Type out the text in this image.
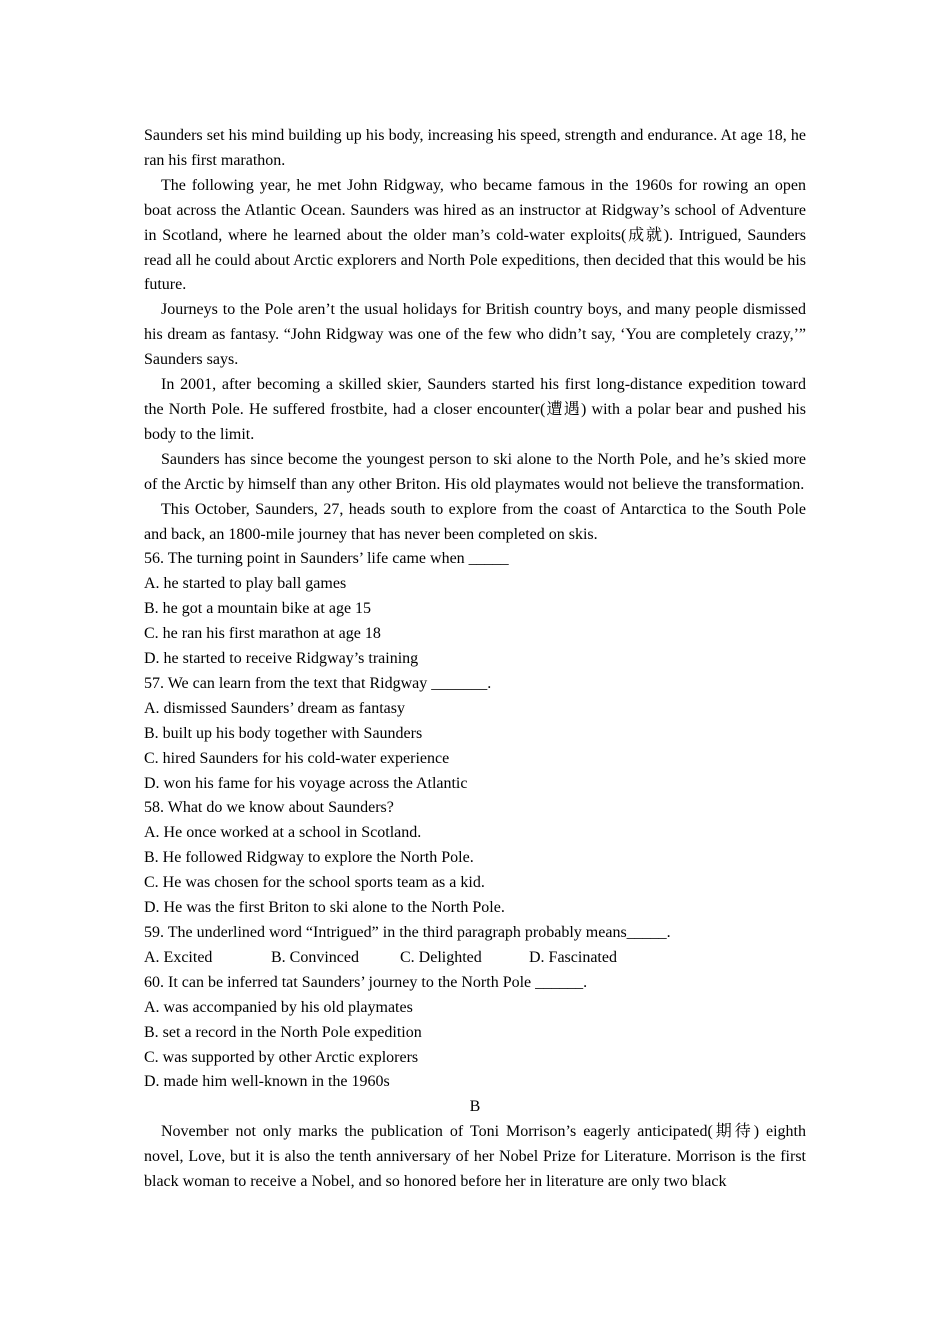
Saunders set his mind building up his body, increasing his speed, strength and endurance. At age 18, he ran his first marathon.

The following year, he met John Ridgway, who became famous in the 1960s for rowing an open boat across the Atlantic Ocean. Saunders was hired as an instructor at Ridgway’s school of Adventure in Scotland, where he learned about the older man’s cold-water exploits(成就). Intrigued, Saunders read all he could about Arctic explorers and North Pole expeditions, then decided that this would be his future.

Journeys to the Pole aren’t the usual holidays for British country boys, and many people dismissed his dream as fantasy. “John Ridgway was one of the few who didn’t say, ‘You are completely crazy,’” Saunders says.

In 2001, after becoming a skilled skier, Saunders started his first long-distance expedition toward the North Pole. He suffered frostbite, had a closer encounter(遭遇) with a polar bear and pushed his body to the limit.

Saunders has since become the youngest person to ski alone to the North Pole, and he’s skied more of the Arctic by himself than any other Briton. His old playmates would not believe the transformation.

This October, Saunders, 27, heads south to explore from the coast of Antarctica to the South Pole and back, an 1800-mile journey that has never been completed on skis.

56. The turning point in Saunders’ life came when _____

A. he started to play ball games

B. he got a mountain bike at age 15

C. he ran his first marathon at age 18

D. he started to receive Ridgway’s training

57. We can learn from the text that Ridgway _______.

A. dismissed Saunders’ dream as fantasy

B. built up his body together with Saunders

C. hired Saunders for his cold-water experience

D. won his fame for his voyage across the Atlantic

58. What do we know about Saunders?

A. He once worked at a school in Scotland.

B. He followed Ridgway to explore the North Pole.

C. He was chosen for the school sports team as a kid.

D. He was the first Briton to ski alone to the North Pole.

59. The underlined word “Intrigued” in the third paragraph probably means_____.

A. Excited	B. Convinced	C. Delighted	D. Fascinated

60. It can be inferred tat Saunders’ journey to the North Pole ______.

A. was accompanied by his old playmates

B. set a record in the North Pole expedition

C. was supported by other Arctic explorers

D. made him well-known in the 1960s

B

November not only marks the publication of Toni Morrison’s eagerly anticipated(期待) eighth novel, Love, but it is also the tenth anniversary of her Nobel Prize for Literature. Morrison is the first black woman to receive a Nobel, and so honored before her in literature are only two black
